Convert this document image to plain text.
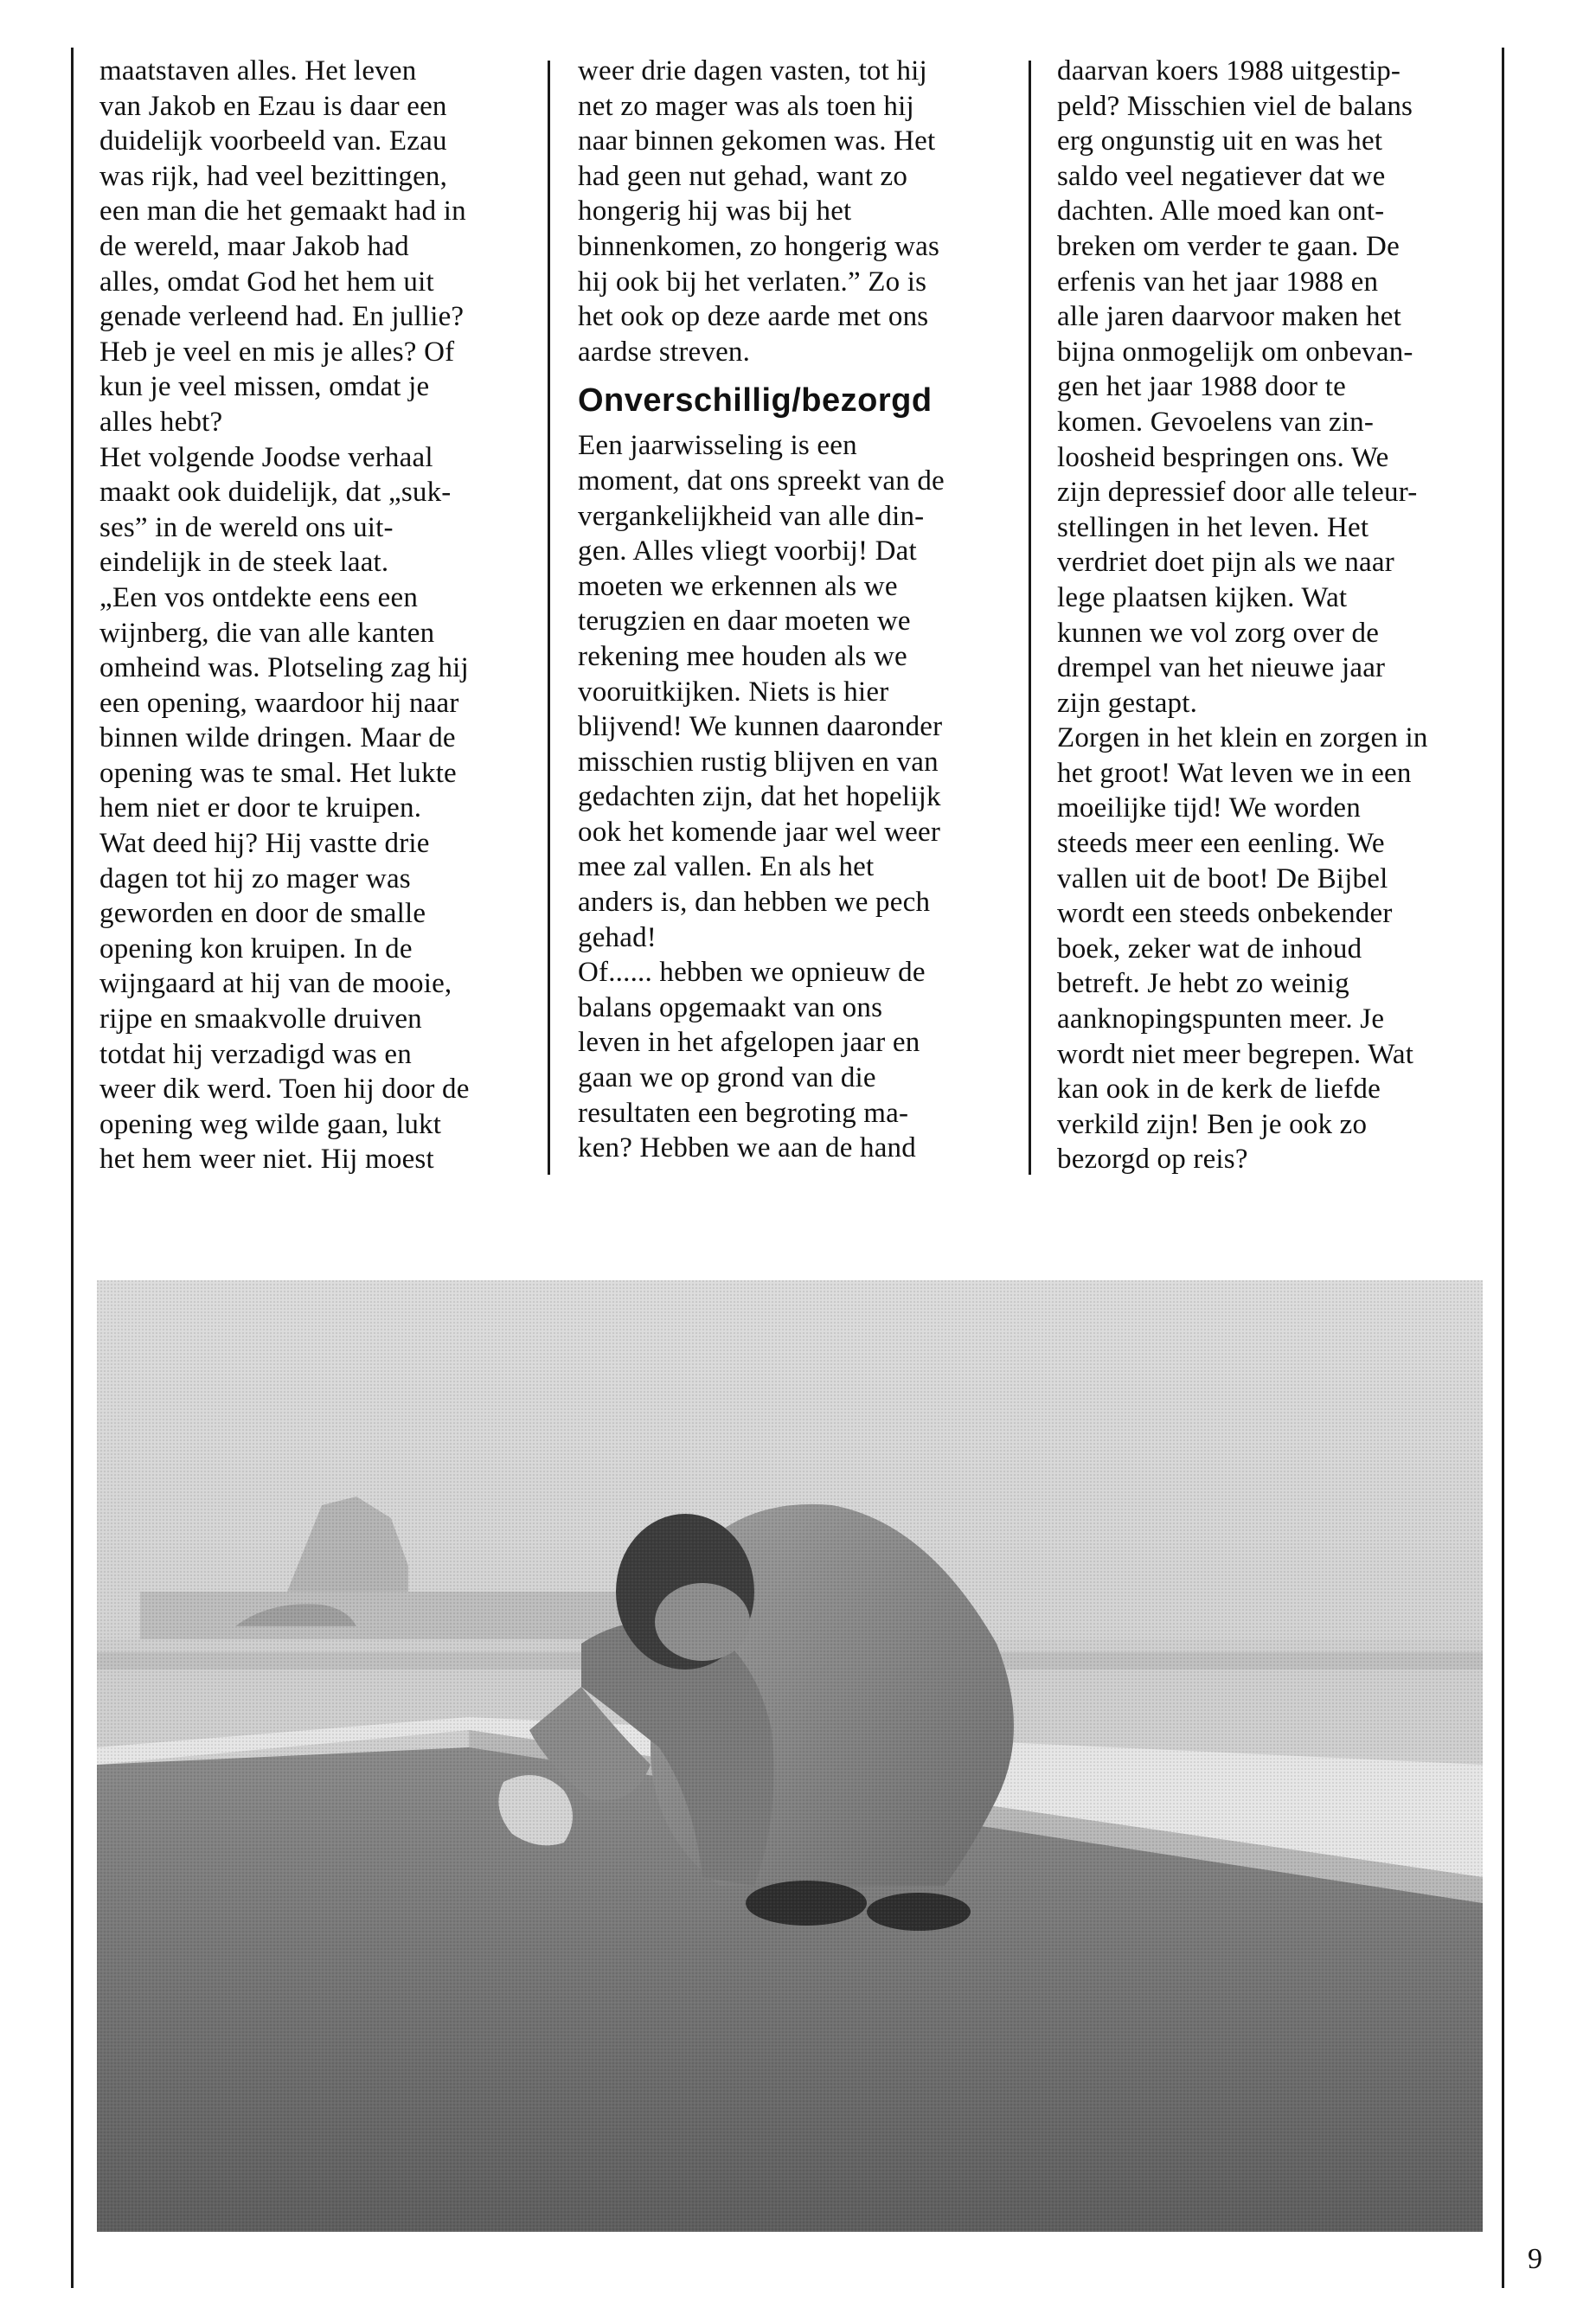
maatstaven alles. Het leven

van Jakob en Ezau is daar een

duidelijk voorbeeld van. Ezau

was rijk, had veel bezittingen,

een man die het gemaakt had in

de wereld, maar Jakob had

alles, omdat God het hem uit

genade verleend had. En jullie?

Heb je veel en mis je alles? Of

kun je veel missen, omdat je

alles hebt?

Het volgende Joodse verhaal

maakt ook duidelijk, dat „suk-

ses” in de wereld ons uit-

eindelijk in de steek laat.

„Een vos ontdekte eens een

wijnberg, die van alle kanten

omheind was. Plotseling zag hij

een opening, waardoor hij naar

binnen wilde dringen. Maar de

opening was te smal. Het lukte

hem niet er door te kruipen.

Wat deed hij? Hij vastte drie

dagen tot hij zo mager was

geworden en door de smalle

opening kon kruipen. In de

wijngaard at hij van de mooie,

rijpe en smaakvolle druiven

totdat hij verzadigd was en

weer dik werd. Toen hij door de

opening weg wilde gaan, lukt

het hem weer niet. Hij moest

weer drie dagen vasten, tot hij

net zo mager was als toen hij

naar binnen gekomen was. Het

had geen nut gehad, want zo

hongerig hij was bij het

binnenkomen, zo hongerig was

hij ook bij het verlaten.” Zo is

het ook op deze aarde met ons

aardse streven.

Onverschillig/bezorgd

Een jaarwisseling is een

moment, dat ons spreekt van de

vergankelijkheid van alle din-

gen. Alles vliegt voorbij! Dat

moeten we erkennen als we

terugzien en daar moeten we

rekening mee houden als we

vooruitkijken. Niets is hier

blijvend! We kunnen daaronder

misschien rustig blijven en van

gedachten zijn, dat het hopelijk

ook het komende jaar wel weer

mee zal vallen. En als het

anders is, dan hebben we pech

gehad!

Of...... hebben we opnieuw de

balans opgemaakt van ons

leven in het afgelopen jaar en

gaan we op grond van die

resultaten een begroting ma-

ken? Hebben we aan de hand

daarvan koers 1988 uitgestip-

peld? Misschien viel de balans

erg ongunstig uit en was het

saldo veel negatiever dat we

dachten. Alle moed kan ont-

breken om verder te gaan. De

erfenis van het jaar 1988 en

alle jaren daarvoor maken het

bijna onmogelijk om onbevan-

gen het jaar 1988 door te

komen. Gevoelens van zin-

loosheid bespringen ons. We

zijn depressief door alle teleur-

stellingen in het leven. Het

verdriet doet pijn als we naar

lege plaatsen kijken. Wat

kunnen we vol zorg over de

drempel van het nieuwe jaar

zijn gestapt.

Zorgen in het klein en zorgen in

het groot! Wat leven we in een

moeilijke tijd! We worden

steeds meer een eenling. We

vallen uit de boot! De Bijbel

wordt een steeds onbekender

boek, zeker wat de inhoud

betreft. Je hebt zo weinig

aanknopingspunten meer. Je

wordt niet meer begrepen. Wat

kan ook in de kerk de liefde

verkild zijn! Ben je ook zo

bezorgd op reis?

9
